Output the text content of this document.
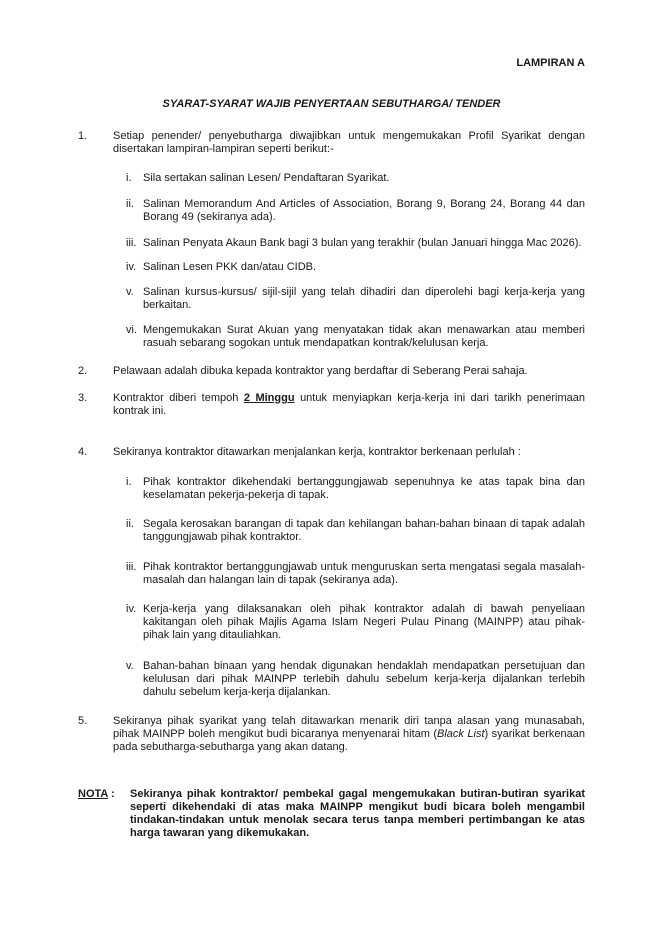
LAMPIRAN A
SYARAT-SYARAT WAJIB PENYERTAAN SEBUTHARGA/ TENDER
1.	Setiap penender/ penyebutharga diwajibkan untuk mengemukakan Profil Syarikat dengan disertakan lampiran-lampiran seperti berikut:-
i.	Sila sertakan salinan Lesen/ Pendaftaran Syarikat.
ii. Salinan Memorandum And Articles of Association, Borang 9, Borang 24, Borang 44 dan Borang 49 (sekiranya ada).
iii. Salinan Penyata Akaun Bank bagi 3 bulan yang terakhir (bulan Januari hingga Mac 2026).
iv. Salinan Lesen PKK dan/atau CIDB.
v. Salinan kursus-kursus/ sijil-sijil yang telah dihadiri dan diperolehi bagi kerja-kerja yang berkaitan.
vi. Mengemukakan Surat Akuan yang menyatakan tidak akan menawarkan atau memberi rasuah sebarang sogokan untuk mendapatkan kontrak/kelulusan kerja.
2.	Pelawaan adalah dibuka kepada kontraktor yang berdaftar di Seberang Perai sahaja.
3.	Kontraktor diberi tempoh 2 Minggu untuk menyiapkan kerja-kerja ini dari tarikh penerimaan kontrak ini.
4.	Sekiranya kontraktor ditawarkan menjalankan kerja, kontraktor berkenaan perlulah :
i.	Pihak kontraktor dikehendaki bertanggungjawab sepenuhnya ke atas tapak bina dan keselamatan pekerja-pekerja di tapak.
ii. Segala kerosakan barangan di tapak dan kehilangan bahan-bahan binaan di tapak adalah tanggungjawab pihak kontraktor.
iii. Pihak kontraktor bertanggungjawab untuk menguruskan serta mengatasi segala masalah-masalah dan halangan lain di tapak (sekiranya ada).
iv. Kerja-kerja yang dilaksanakan oleh pihak kontraktor adalah di bawah penyeliaan kakitangan oleh pihak Majlis Agama Islam Negeri Pulau Pinang (MAINPP) atau pihak-pihak lain yang ditauliahkan.
v. Bahan-bahan binaan yang hendak digunakan hendaklah mendapatkan persetujuan dan kelulusan dari pihak MAINPP terlebih dahulu sebelum kerja-kerja dijalankan terlebih dahulu sebelum kerja-kerja dijalankan.
5.	Sekiranya pihak syarikat yang telah ditawarkan menarik diri tanpa alasan yang munasabah, pihak MAINPP boleh mengikut budi bicaranya menyenarai hitam (Black List) syarikat berkenaan pada sebutharga-sebutharga yang akan datang.
NOTA :	Sekiranya pihak kontraktor/ pembekal gagal mengemukakan butiran-butiran syarikat seperti dikehendaki di atas maka MAINPP mengikut budi bicara boleh mengambil tindakan-tindakan untuk menolak secara terus tanpa memberi pertimbangan ke atas harga tawaran yang dikemukakan.
